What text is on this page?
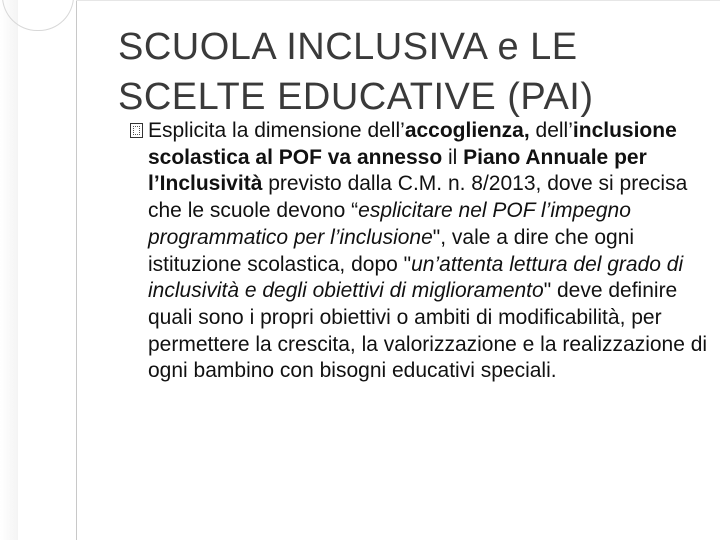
SCUOLA INCLUSIVA e LE
SCELTE EDUCATIVE (PAI)
Esplicita la dimensione dell’accoglienza, dell’inclusione scolastica al POF va annesso il Piano Annuale per l’Inclusività previsto dalla C.M. n. 8/2013, dove si precisa che le scuole devono “esplicitare nel POF l’impegno programmatico per l’inclusione", vale a dire che ogni istituzione scolastica, dopo "un’attenta lettura del grado di inclusività e degli obiettivi di miglioramento" deve definire quali sono i propri obiettivi o ambiti di modificabilità, per permettere la crescita, la valorizzazione e la realizzazione di ogni bambino con bisogni educativi speciali.
